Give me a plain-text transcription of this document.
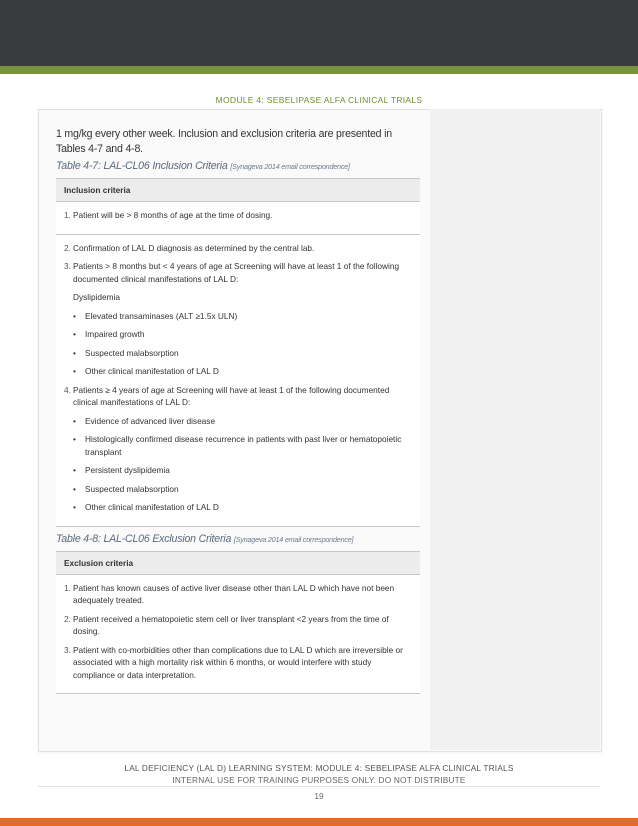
MODULE 4: SEBELIPASE ALFA CLINICAL TRIALS

1 mg/kg every other week. Inclusion and exclusion criteria are presented in Tables 4-7 and 4-8.

Table 4-7: LAL-CL06 Inclusion Criteria [Synageva 2014 email correspondence]

Inclusion criteria

1. Patient will be > 8 months of age at the time of dosing.

2. Confirmation of LAL D diagnosis as determined by the central lab.
3. Patients > 8 months but < 4 years of age at Screening will have at least 1 of the following documented clinical manifestations of LAL D:
Dyslipidemia
•	Elevated transaminases (ALT ≥1.5x ULN)
•	Impaired growth
•	Suspected malabsorption
•	Other clinical manifestation of LAL D
4. Patients ≥ 4 years of age at Screening will have at least 1 of the following documented clinical manifestations of LAL D:
•	Evidence of advanced liver disease
•	Histologically confirmed disease recurrence in patients with past liver or hematopoietic transplant
•	Persistent dyslipidemia
•	Suspected malabsorption
•	Other clinical manifestation of LAL D

Table 4-8: LAL-CL06 Exclusion Criteria [Synageva 2014 email correspondence]

Exclusion criteria

1. Patient has known causes of active liver disease other than LAL D which have not been adequately treated.
2. Patient received a hematopoietic stem cell or liver transplant <2 years from the time of dosing.
3. Patient with co-morbidities other than complications due to LAL D which are irreversible or associated with a high mortality risk within 6 months, or would interfere with study compliance or data interpretation.
LAL DEFICIENCY (LAL D) LEARNING SYSTEM: MODULE 4: SEBELIPASE ALFA CLINICAL TRIALS
INTERNAL USE FOR TRAINING PURPOSES ONLY. DO NOT DISTRIBUTE
19
